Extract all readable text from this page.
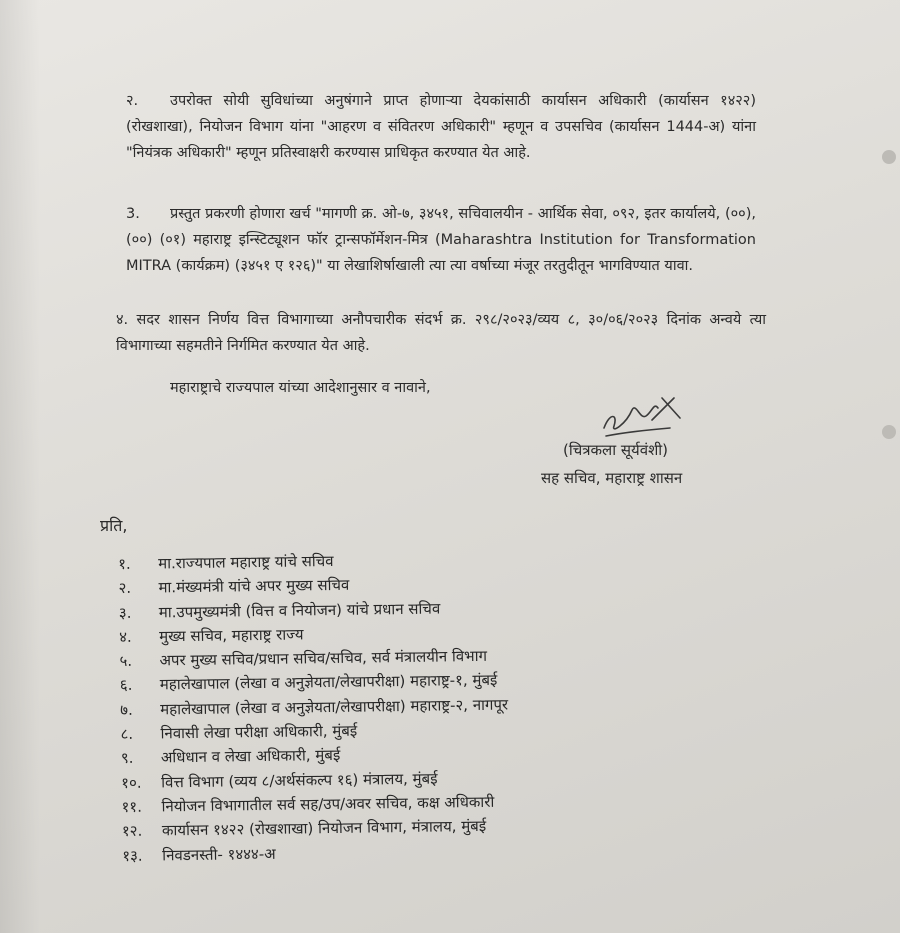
२. उपरोक्त सोयी सुविधांच्या अनुषंगाने प्राप्त होणाऱ्या देयकांसाठी कार्यासन अधिकारी (कार्यासन १४२२) (रोखशाखा), नियोजन विभाग यांना "आहरण व संवितरण अधिकारी" म्हणून व उपसचिव (कार्यासन 1444-अ) यांना "नियंत्रक अधिकारी" म्हणून प्रतिस्वाक्षरी करण्यास प्राधिकृत करण्यात येत आहे.
3. प्रस्तुत प्रकरणी होणारा खर्च "मागणी क्र. ओ-७, ३४५१, सचिवालयीन - आर्थिक सेवा, ०९२, इतर कार्यालये, (००), (००) (०१) महाराष्ट्र इन्स्टिट्यूशन फॉर ट्रान्सफॉर्मेशन-मित्र (Maharashtra Institution for Transformation MITRA (कार्यक्रम) (३४५१ ए १२६)" या लेखाशिर्षाखाली त्या त्या वर्षाच्या मंजूर तरतुदीतून भागविण्यात यावा.
४. सदर शासन निर्णय वित्त विभागाच्या अनौपचारीक संदर्भ क्र. २९८/२०२३/व्यय ८, ३०/०६/२०२३ दिनांक अन्वये त्या विभागाच्या सहमतीने निर्गमित करण्यात येत आहे.
महाराष्ट्राचे राज्यपाल यांच्या आदेशानुसार व नावाने,
(चित्रकला सूर्यवंशी)
सह सचिव, महाराष्ट्र शासन
प्रति,
१. मा.राज्यपाल महाराष्ट्र यांचे सचिव
२. मा.मंख्यमंत्री यांचे अपर मुख्य सचिव
३. मा.उपमुख्यमंत्री (वित्त व नियोजन) यांचे प्रधान सचिव
४. मुख्य सचिव, महाराष्ट्र राज्य
५. अपर मुख्य सचिव/प्रधान सचिव/सचिव, सर्व मंत्रालयीन विभाग
६. महालेखापाल (लेखा व अनुज्ञेयता/लेखापरीक्षा) महाराष्ट्र-१, मुंबई
७. महालेखापाल (लेखा व अनुज्ञेयता/लेखापरीक्षा) महाराष्ट्र-२, नागपूर
८. निवासी लेखा परीक्षा अधिकारी, मुंबई
९. अधिधान व लेखा अधिकारी, मुंबई
१०. वित्त विभाग (व्यय ८/अर्थसंकल्प १६) मंत्रालय, मुंबई
११. नियोजन विभागातील सर्व सह/उप/अवर सचिव, कक्ष अधिकारी
१२. कार्यासन १४२२ (रोखशाखा) नियोजन विभाग, मंत्रालय, मुंबई
१३. निवडनस्ती- १४४४-अ
